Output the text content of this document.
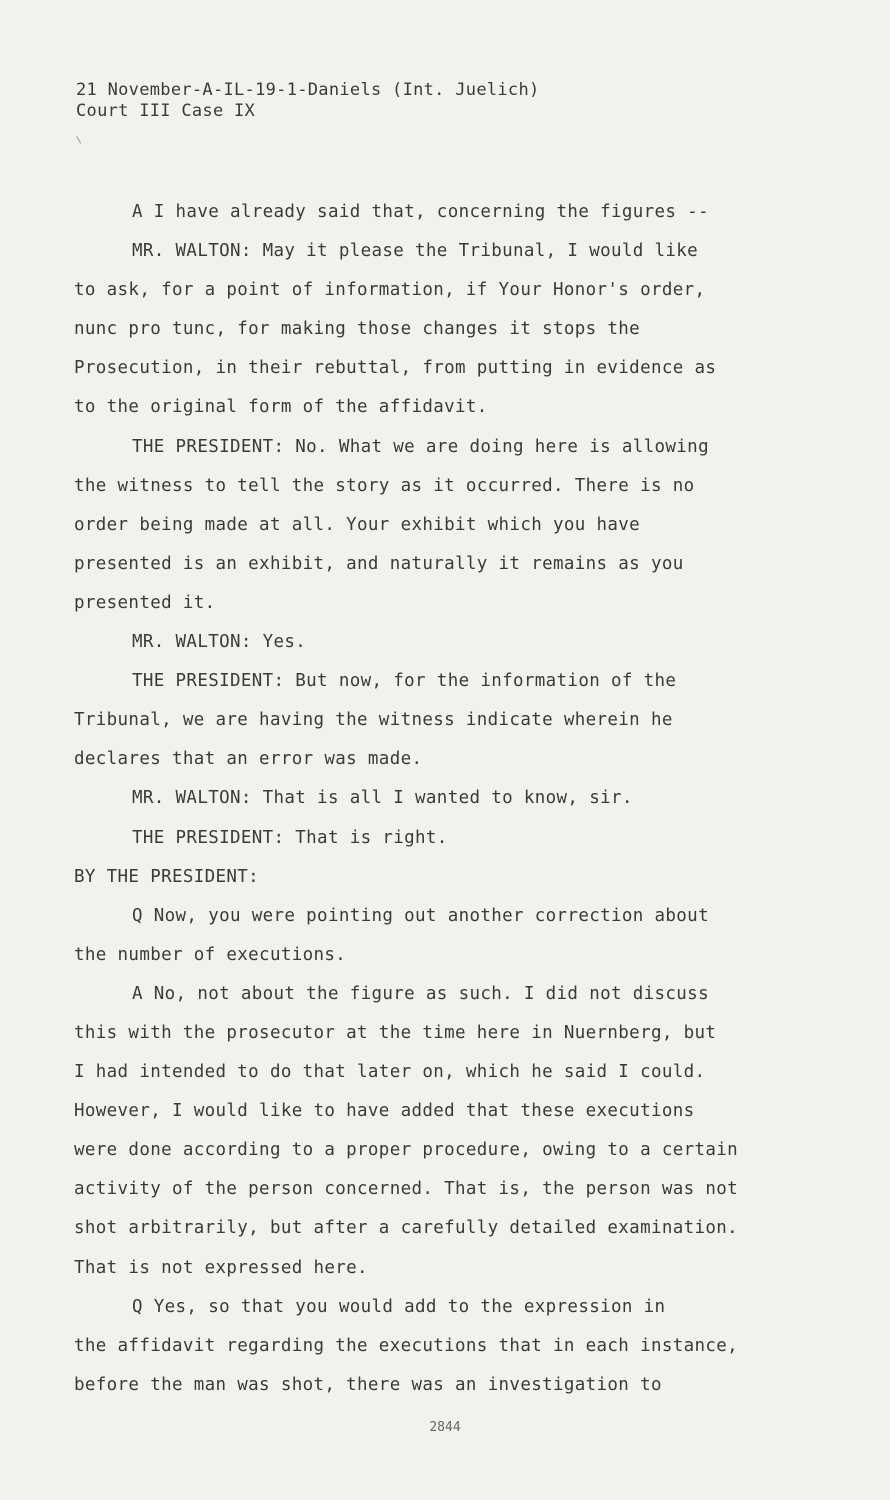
21 November-A-IL-19-1-Daniels (Int. Juelich)
Court III Case IX
A I have already said that, concerning the figures --
MR. WALTON: May it please the Tribunal, I would like
to ask, for a point of information, if Your Honor's order,
nunc pro tunc, for making those changes it stops the
Prosecution, in their rebuttal, from putting in evidence as
to the original form of the affidavit.
THE PRESIDENT: No. What we are doing here is allowing
the witness to tell the story as it occurred. There is no
order being made at all. Your exhibit which you have
presented is an exhibit, and naturally it remains as you
presented it.
MR. WALTON: Yes.
THE PRESIDENT: But now, for the information of the
Tribunal, we are having the witness indicate wherein he
declares that an error was made.
MR. WALTON: That is all I wanted to know, sir.
THE PRESIDENT: That is right.
BY THE PRESIDENT:
Q Now, you were pointing out another correction about
the number of executions.
A No, not about the figure as such. I did not discuss
this with the prosecutor at the time here in Nuernberg, but
I had intended to do that later on, which he said I could.
However, I would like to have added that these executions
were done according to a proper procedure, owing to a certain
activity of the person concerned. That is, the person was not
shot arbitrarily, but after a carefully detailed examination.
That is not expressed here.
Q Yes, so that you would add to the expression in
the affidavit regarding the executions that in each instance,
before the man was shot, there was an investigation to
2844
